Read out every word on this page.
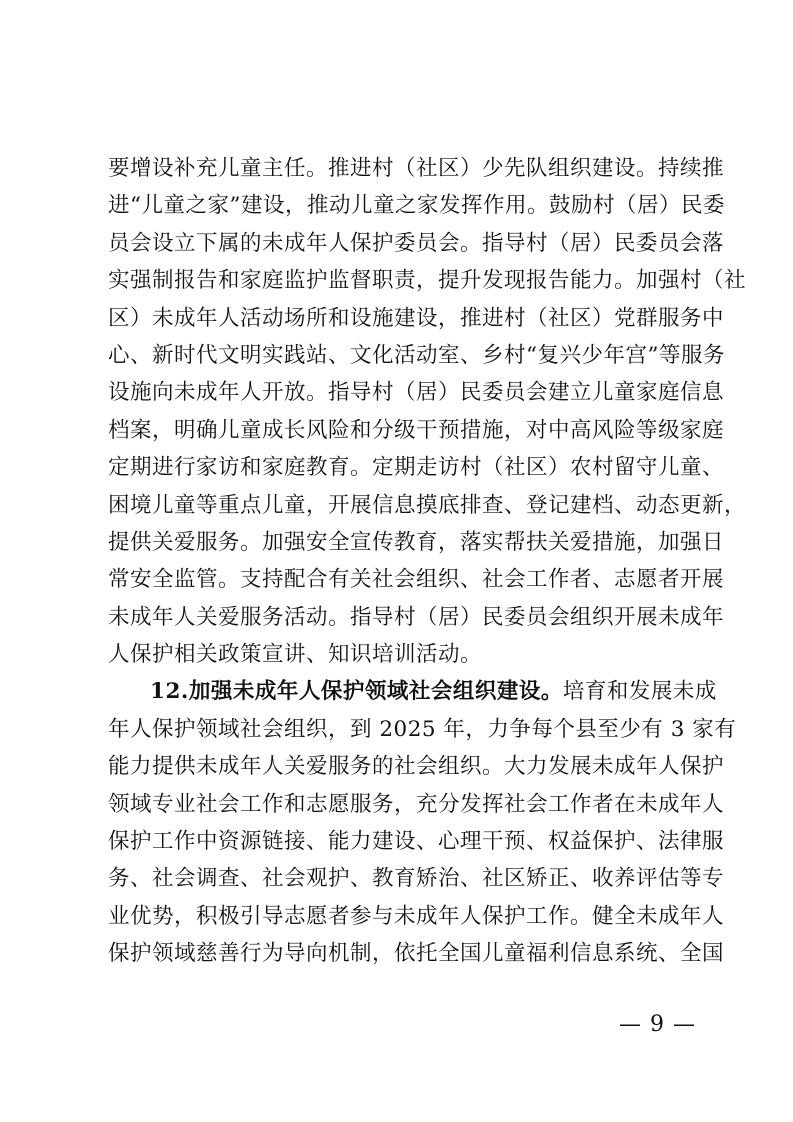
要增设补充儿童主任。推进村（社区）少先队组织建设。持续推
进“儿童之家”建设，推动儿童之家发挥作用。鼓励村（居）民委
员会设立下属的未成年人保护委员会。指导村（居）民委员会落
实强制报告和家庭监护监督职责，提升发现报告能力。加强村（社
区）未成年人活动场所和设施建设，推进村（社区）党群服务中
心、新时代文明实践站、文化活动室、乡村“复兴少年宫”等服务
设施向未成年人开放。指导村（居）民委员会建立儿童家庭信息
档案，明确儿童成长风险和分级干预措施，对中高风险等级家庭
定期进行家访和家庭教育。定期走访村（社区）农村留守儿童、
困境儿童等重点儿童，开展信息摸底排查、登记建档、动态更新，
提供关爱服务。加强安全宣传教育，落实帮扶关爱措施，加强日
常安全监管。支持配合有关社会组织、社会工作者、志愿者开展
未成年人关爱服务活动。指导村（居）民委员会组织开展未成年
人保护相关政策宣讲、知识培训活动。
12.加强未成年人保护领域社会组织建设。培育和发展未成
年人保护领域社会组织，到 2025 年，力争每个县至少有 3 家有
能力提供未成年人关爱服务的社会组织。大力发展未成年人保护
领域专业社会工作和志愿服务，充分发挥社会工作者在未成年人
保护工作中资源链接、能力建设、心理干预、权益保护、法律服
务、社会调查、社会观护、教育矫治、社区矫正、收养评估等专
业优势，积极引导志愿者参与未成年人保护工作。健全未成年人
保护领域慈善行为导向机制，依托全国儿童福利信息系统、全国
— 9 —
